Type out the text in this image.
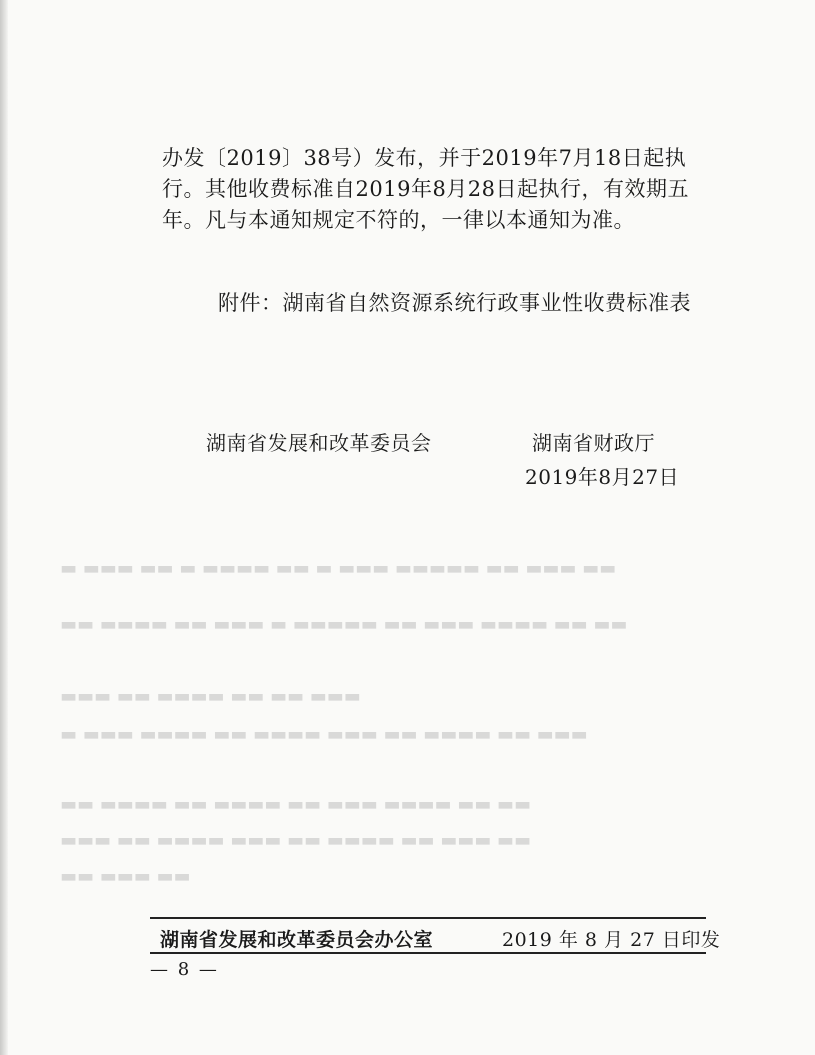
▬ ▬▬▬ ▬▬ ▬ ▬▬▬▬ ▬▬ ▬ ▬▬▬ ▬▬▬▬▬ ▬▬ ▬▬▬ ▬▬
▬▬ ▬▬▬▬ ▬▬ ▬▬▬ ▬ ▬▬▬▬▬ ▬▬ ▬▬▬ ▬▬▬▬ ▬▬ ▬▬
▬▬▬ ▬▬ ▬▬▬▬ ▬▬ ▬▬ ▬▬▬
▬ ▬▬▬ ▬▬▬▬ ▬▬ ▬▬▬▬ ▬▬▬ ▬▬ ▬▬▬▬ ▬▬ ▬▬▬
▬▬ ▬▬▬▬ ▬▬ ▬▬▬▬ ▬▬ ▬▬▬ ▬▬▬▬ ▬▬ ▬▬
▬▬▬ ▬▬ ▬▬▬▬ ▬▬▬ ▬▬ ▬▬▬▬ ▬▬ ▬▬▬ ▬▬
▬▬ ▬▬▬ ▬▬

办发〔2019〕38号）发布，并于2019年7月18日起执行。其他收费标准自2019年8月28日起执行，有效期五年。凡与本通知规定不符的，一律以本通知为准。

附件：湖南省自然资源系统行政事业性收费标准表

湖南省发展和改革委员会	湖南省财政厅
2019年8月27日
湖南省发展和改革委员会办公室	2019 年 8 月 27 日印发
— 8 —
